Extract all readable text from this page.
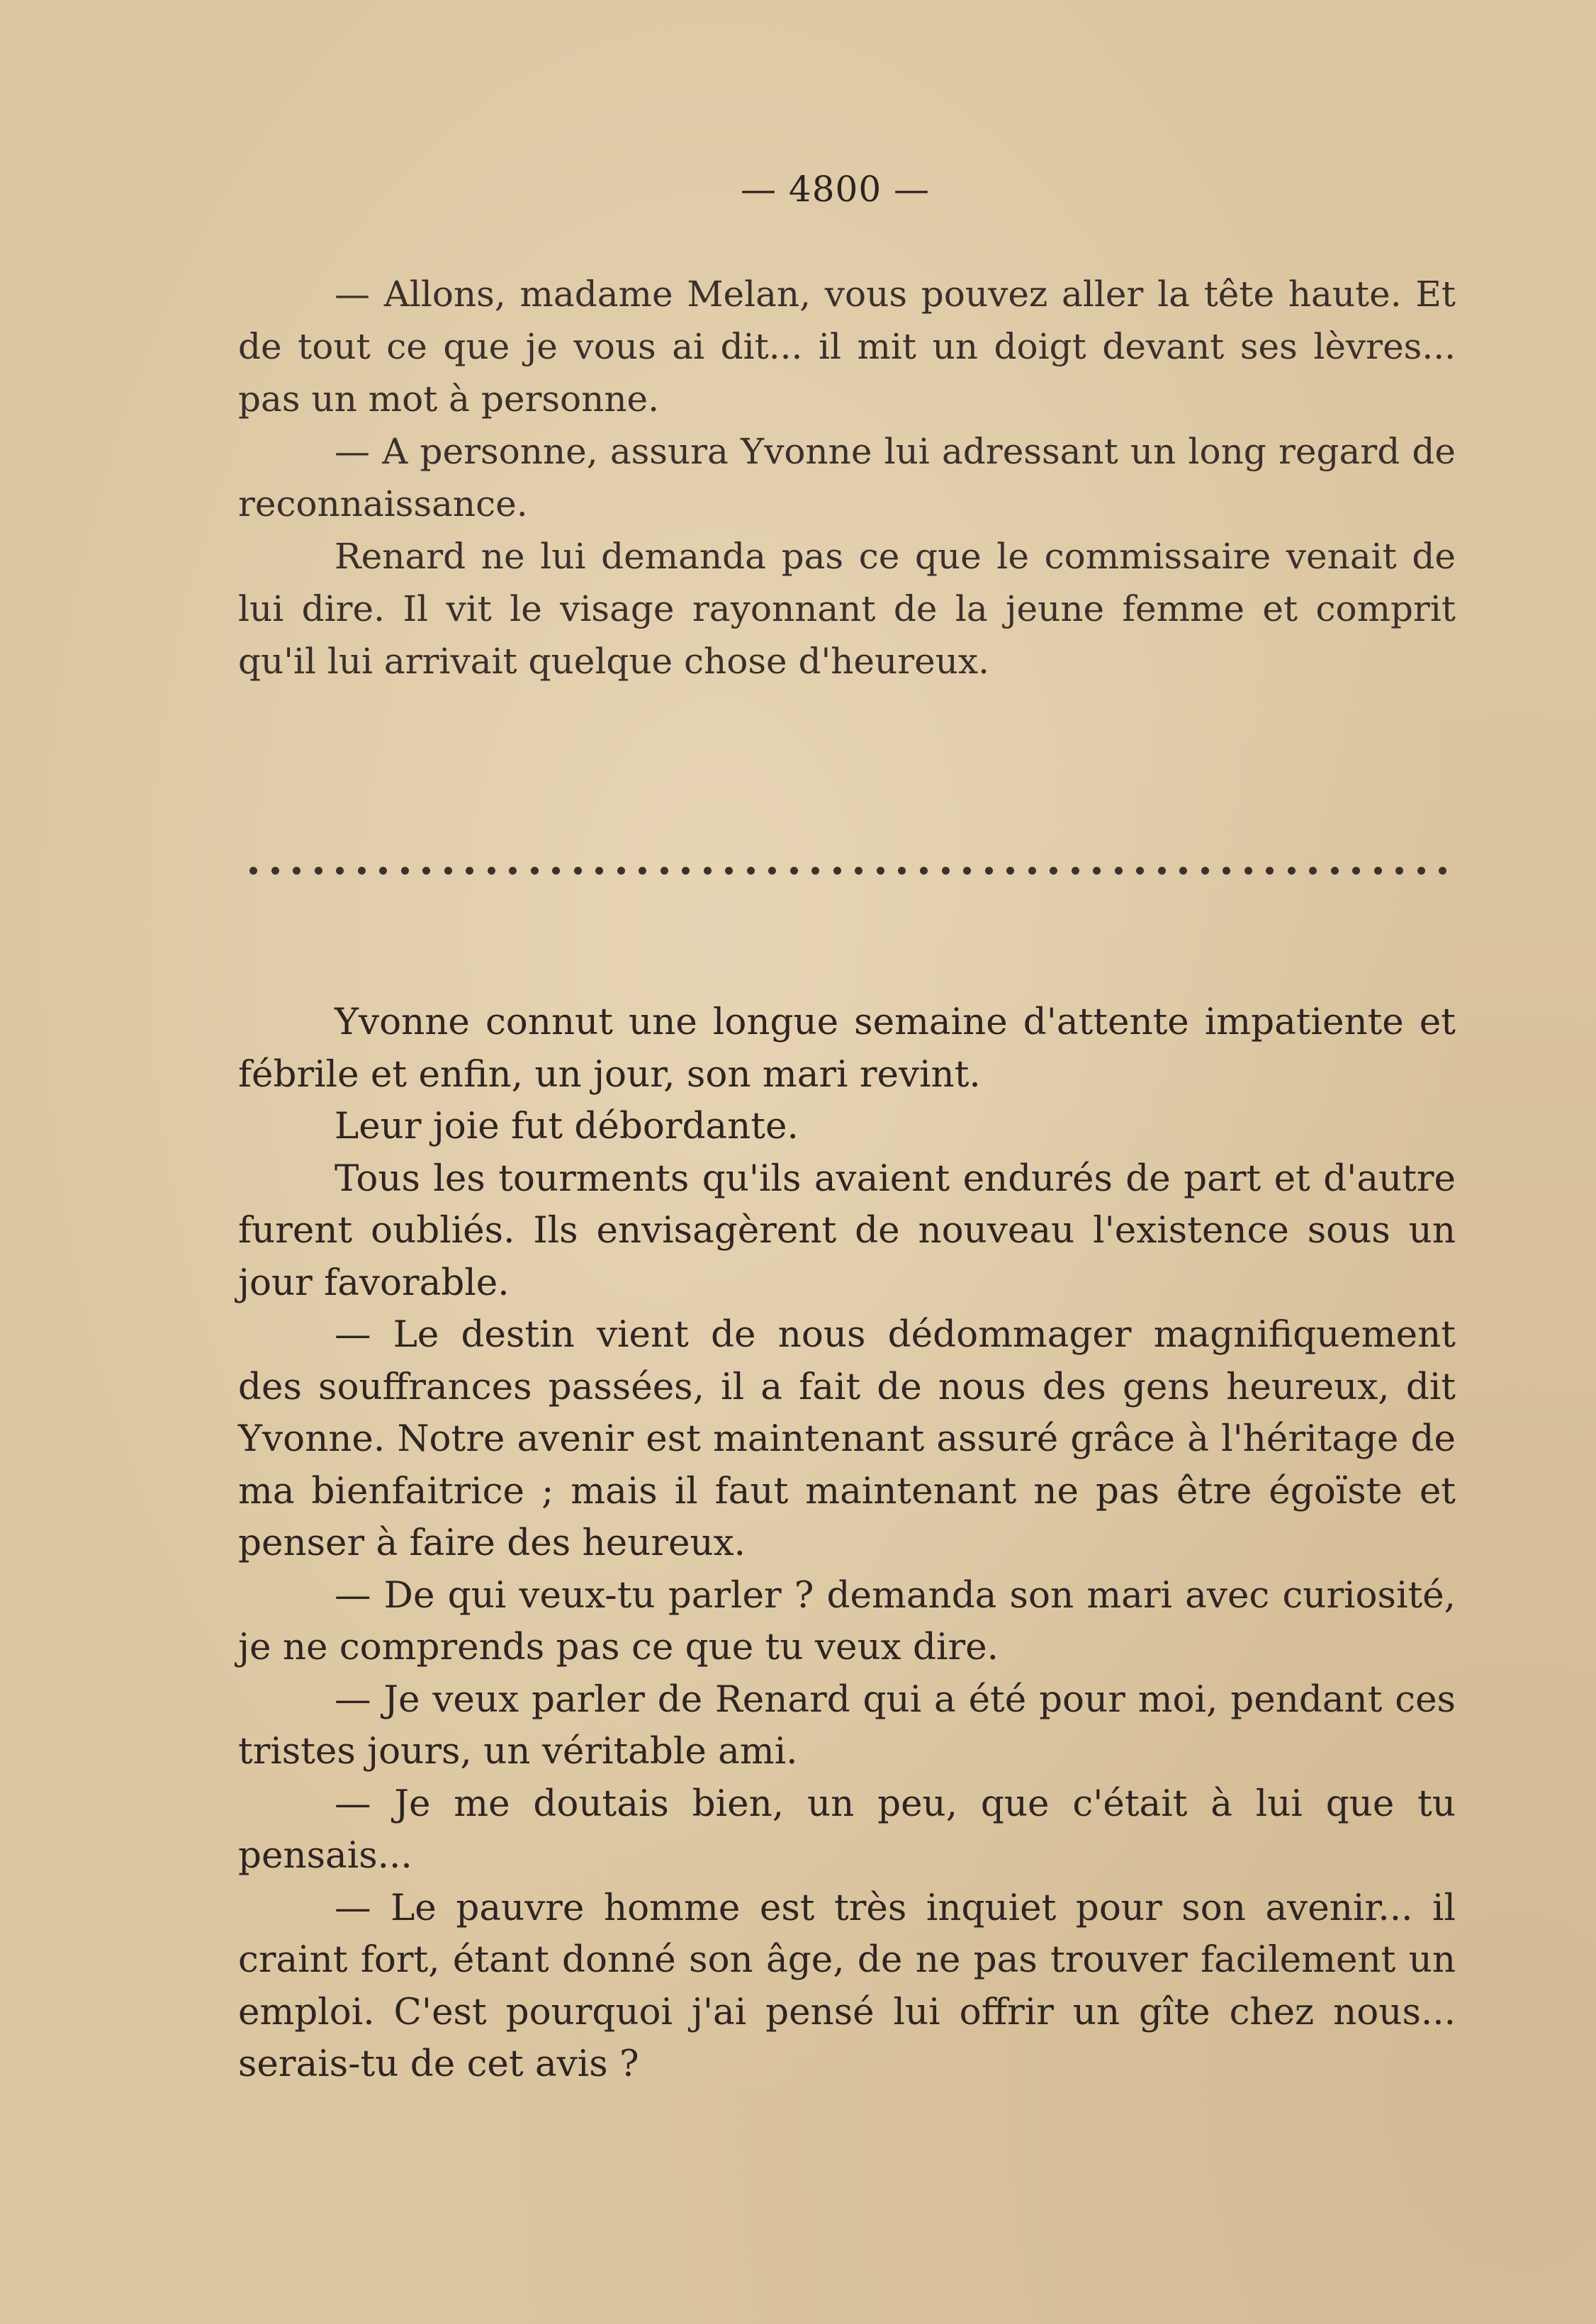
— 4800 —

— Allons, madame Melan, vous pouvez aller la tête haute. Et de tout ce que je vous ai dit... il mit un doigt devant ses lèvres... pas un mot à personne.

— A personne, assura Yvonne lui adressant un long regard de reconnaissance.

Renard ne lui demanda pas ce que le commissaire venait de lui dire. Il vit le visage rayonnant de la jeune femme et comprit qu'il lui arrivait quelque chose d'heureux.

Yvonne connut une longue semaine d'attente impatiente et fébrile et enfin, un jour, son mari revint.

Leur joie fut débordante.

Tous les tourments qu'ils avaient endurés de part et d'autre furent oubliés. Ils envisagèrent de nouveau l'existence sous un jour favorable.

— Le destin vient de nous dédommager magnifiquement des souffrances passées, il a fait de nous des gens heureux, dit Yvonne. Notre avenir est maintenant assuré grâce à l'héritage de ma bienfaitrice ; mais il faut maintenant ne pas être égoïste et penser à faire des heureux.

— De qui veux-tu parler ? demanda son mari avec curiosité, je ne comprends pas ce que tu veux dire.

— Je veux parler de Renard qui a été pour moi, pendant ces tristes jours, un véritable ami.

— Je me doutais bien, un peu, que c'était à lui que tu pensais...

— Le pauvre homme est très inquiet pour son avenir... il craint fort, étant donné son âge, de ne pas trouver facilement un emploi. C'est pourquoi j'ai pensé lui offrir un gîte chez nous... serais-tu de cet avis ?
